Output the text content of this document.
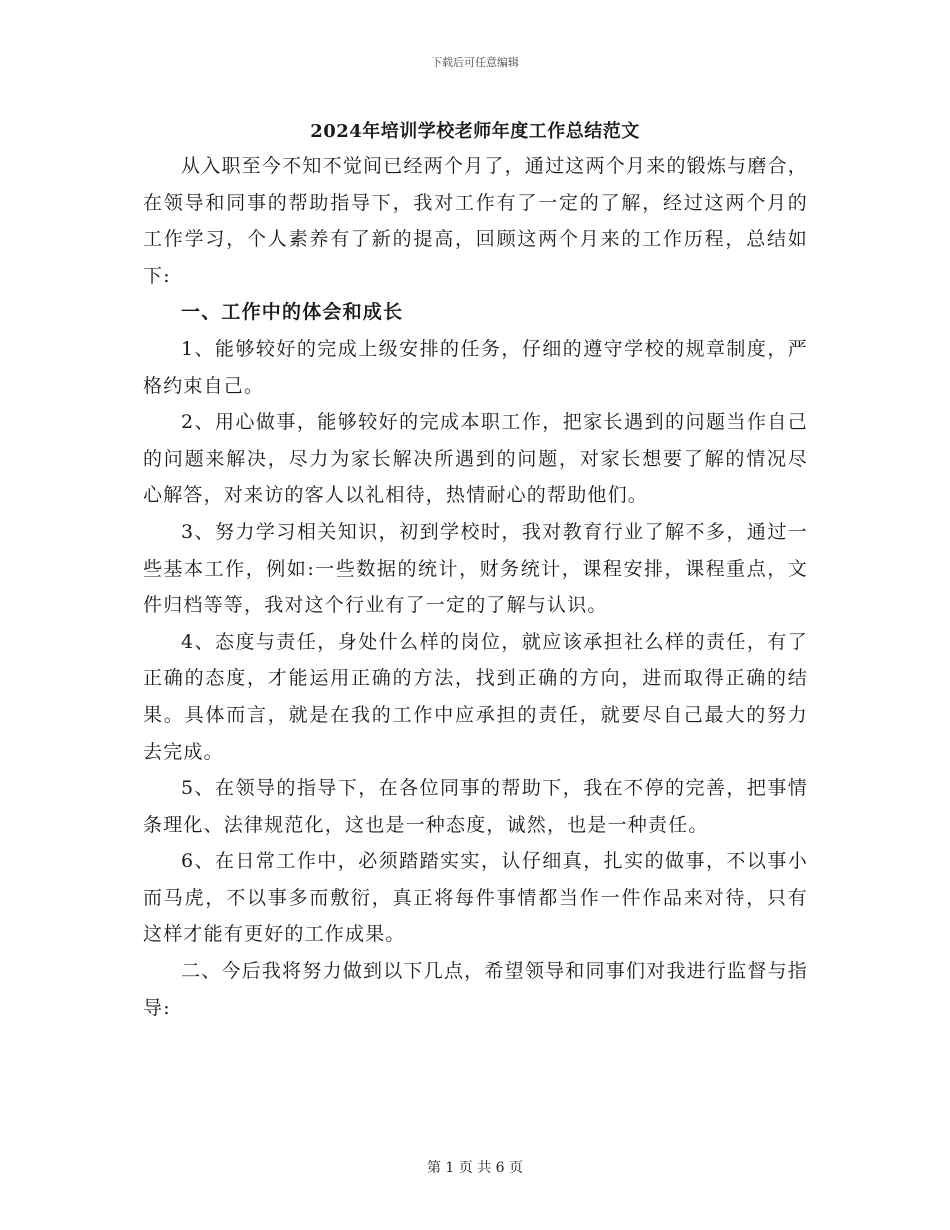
下载后可任意编辑
2024年培训学校老师年度工作总结范文

从入职至今不知不觉间已经两个月了，通过这两个月来的锻炼与磨合，在领导和同事的帮助指导下，我对工作有了一定的了解，经过这两个月的工作学习，个人素养有了新的提高，回顾这两个月来的工作历程，总结如下:

一、工作中的体会和成长

1、能够较好的完成上级安排的任务，仔细的遵守学校的规章制度，严格约束自己。

2、用心做事，能够较好的完成本职工作，把家长遇到的问题当作自己的问题来解决，尽力为家长解决所遇到的问题，对家长想要了解的情况尽心解答，对来访的客人以礼相待，热情耐心的帮助他们。

3、努力学习相关知识，初到学校时，我对教育行业了解不多，通过一些基本工作，例如:一些数据的统计，财务统计，课程安排，课程重点，文件归档等等，我对这个行业有了一定的了解与认识。

4、态度与责任，身处什么样的岗位，就应该承担社么样的责任，有了正确的态度，才能运用正确的方法，找到正确的方向，进而取得正确的结果。具体而言，就是在我的工作中应承担的责任，就要尽自己最大的努力去完成。

5、在领导的指导下，在各位同事的帮助下，我在不停的完善，把事情条理化、法律规范化，这也是一种态度，诚然，也是一种责任。

6、在日常工作中，必须踏踏实实，认仔细真，扎实的做事，不以事小而马虎，不以事多而敷衍，真正将每件事情都当作一件作品来对待，只有这样才能有更好的工作成果。

二、今后我将努力做到以下几点，希望领导和同事们对我进行监督与指导:

第 1 页 共 6 页
